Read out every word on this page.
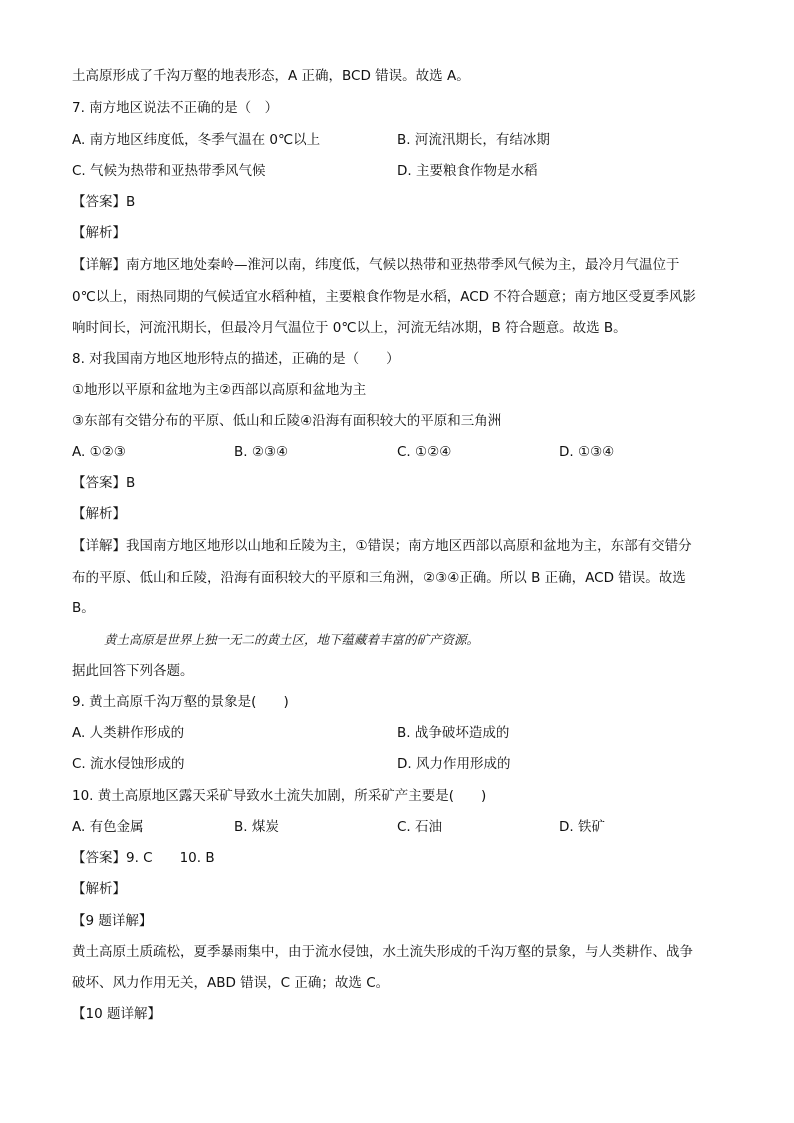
土高原形成了千沟万壑的地表形态，A 正确，BCD 错误。故选 A。
7. 南方地区说法不正确的是（　）
A. 南方地区纬度低，冬季气温在 0℃以上	B. 河流汛期长，有结冰期
C. 气候为热带和亚热带季风气候	D. 主要粮食作物是水稻
【答案】B
【解析】
【详解】南方地区地处秦岭—淮河以南，纬度低，气候以热带和亚热带季风气候为主，最冷月气温位于
0℃以上，雨热同期的气候适宜水稻种植，主要粮食作物是水稻，ACD 不符合题意；南方地区受夏季风影
响时间长，河流汛期长，但最冷月气温位于 0℃以上，河流无结冰期，B 符合题意。故选 B。
8. 对我国南方地区地形特点的描述，正确的是（　　）
①地形以平原和盆地为主②西部以高原和盆地为主
③东部有交错分布的平原、低山和丘陵④沿海有面积较大的平原和三角洲
A. ①②③	B. ②③④	C. ①②④	D. ①③④
【答案】B
【解析】
【详解】我国南方地区地形以山地和丘陵为主，①错误；南方地区西部以高原和盆地为主，东部有交错分
布的平原、低山和丘陵，沿海有面积较大的平原和三角洲，②③④正确。所以 B 正确，ACD 错误。故选
B。
黄土高原是世界上独一无二的黄土区，地下蕴藏着丰富的矿产资源。
据此回答下列各题。
9. 黄土高原千沟万壑的景象是(　　)
A. 人类耕作形成的	B. 战争破坏造成的
C. 流水侵蚀形成的	D. 风力作用形成的
10. 黄土高原地区露天采矿导致水土流失加剧，所采矿产主要是(　　)
A. 有色金属	B. 煤炭	C. 石油	D. 铁矿
【答案】9. C　　10. B
【解析】
【9 题详解】
黄土高原土质疏松，夏季暴雨集中，由于流水侵蚀，水土流失形成的千沟万壑的景象，与人类耕作、战争
破坏、风力作用无关，ABD 错误，C 正确；故选 C。
【10 题详解】
